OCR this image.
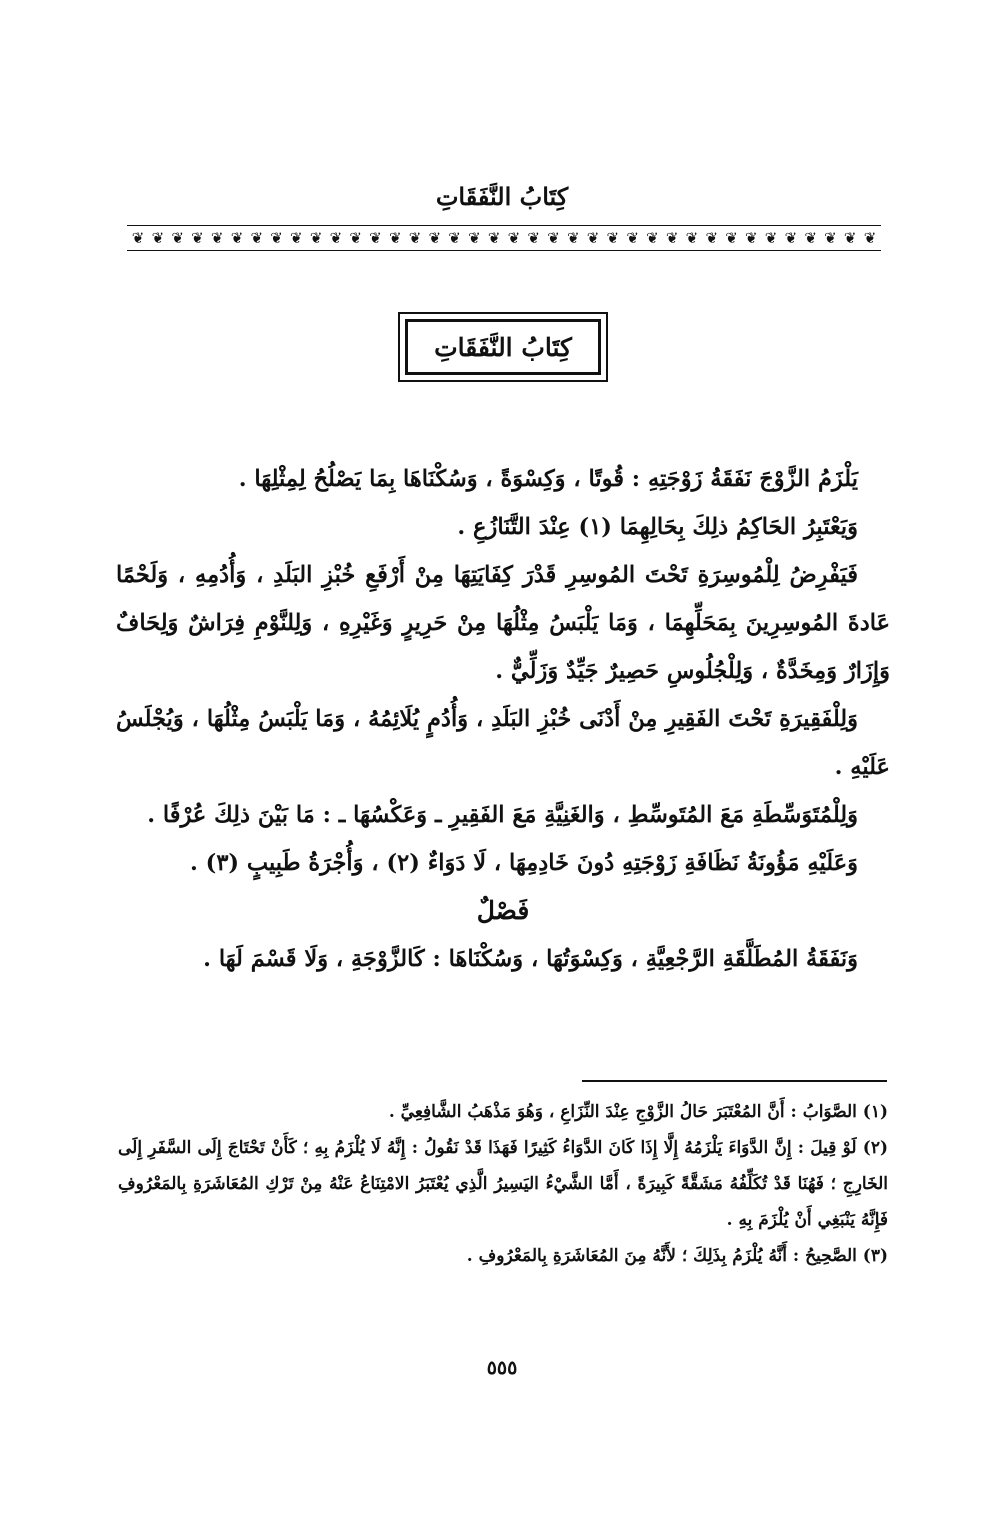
كِتَابُ النَّفَقَاتِ
❦
❦
❦
❦
❦
❦
❦
❦
❦
❦
❦
❦
❦
❦
❦
❦
❦
❦
❦
❦
❦
❦
❦
❦
❦
❦
❦
❦
❦
❦
❦
❦
❦
❦
❦
❦
❦
❦
كِتَابُ النَّفَقَاتِ

يَلْزَمُ الزَّوْجَ نَفَقَةُ زَوْجَتِهِ : قُوتًا ، وَكِسْوَةً ، وَسُكْنَاهَا بِمَا يَصْلُحُ لِمِثْلِهَا .

وَيَعْتَبِرُ الحَاكِمُ ذلِكَ بِحَالِهِمَا (١) عِنْدَ التَّنَازُعِ .

فَيَفْرِضُ لِلْمُوسِرَةِ تَحْتَ المُوسِرِ قَدْرَ كِفَايَتِهَا مِنْ أَرْفَعِ خُبْزِ البَلَدِ ، وَأُدُمِهِ ، وَلَحْمًا عَادةَ المُوسِرِينَ بِمَحَلِّهِمَا ، وَمَا يَلْبَسُ مِثْلُهَا مِنْ حَرِيرٍ وَغَيْرِهِ ، وَلِلنَّوْمِ فِرَاشٌ وَلِحَافٌ وَإِزَارٌ وَمِخَدَّةٌ ، وَلِلْجُلُوسِ حَصِيرٌ جَيِّدٌ وَزَلِّيٌّ .

وَلِلْفَقِيرَةِ تَحْتَ الفَقِيرِ مِنْ أَدْنَى خُبْزِ البَلَدِ ، وَأُدُمٍ يُلَائِمُهُ ، وَمَا يَلْبَسُ مِثْلُهَا ، وَيُجْلَسُ عَلَيْهِ .

وَلِلْمُتَوَسِّطَةِ مَعَ المُتَوسِّطِ ، وَالغَنِيَّةِ مَعَ الفَقِيرِ ـ وَعَكْسُهَا ـ : مَا بَيْنَ ذلِكَ عُرْفًا .

وَعَلَيْهِ مَؤُونَةُ نَظَافَةِ زَوْجَتِهِ دُونَ خَادِمِهَا ، لَا دَوَاءٌ (٢) ، وَأُجْرَةُ طَبِيبٍ (٣) .

فَصْلٌ

وَنَفَقَةُ المُطَلَّقَةِ الرَّجْعِيَّةِ ، وَكِسْوَتُهَا ، وَسُكْنَاهَا : كَالزَّوْجَةِ ، وَلَا قَسْمَ لَهَا .

(١) الصَّوَابُ : أَنَّ المُعْتَبَرَ حَالُ الزَّوْجِ عِنْدَ النِّزَاعِ ، وَهُوَ مَذْهَبُ الشَّافِعِيِّ .

(٢) لَوْ قِيلَ : إِنَّ الدَّوَاءَ يَلْزَمُهُ إِلَّا إِذَا كَانَ الدَّوَاءُ كَثِيرًا فَهَذَا قَدْ نَقُولُ : إِنَّهُ لَا يُلْزَمُ بِهِ ؛ كَأَنْ تَحْتَاجَ إِلَى السَّفَرِ إِلَى الخَارِجِ ؛ فَهُنَا قَدْ تُكَلِّفُهُ مَشَقَّةً كَبِيرَةً ، أَمَّا الشَّيْءُ اليَسِيرُ الَّذِي يُعْتَبَرُ الامْتِنَاعُ عَنْهُ مِنْ تَرْكِ المُعَاشَرَةِ بِالمَعْرُوفِ فَإِنَّهُ يَنْبَغِي أَنْ يُلْزَمَ بِهِ .

(٣) الصَّحِيحُ : أَنَّهُ يُلْزَمُ بِذَلِكَ ؛ لأَنَّهُ مِنَ المُعَاشَرَةِ بِالمَعْرُوفِ .

٥٥٥
